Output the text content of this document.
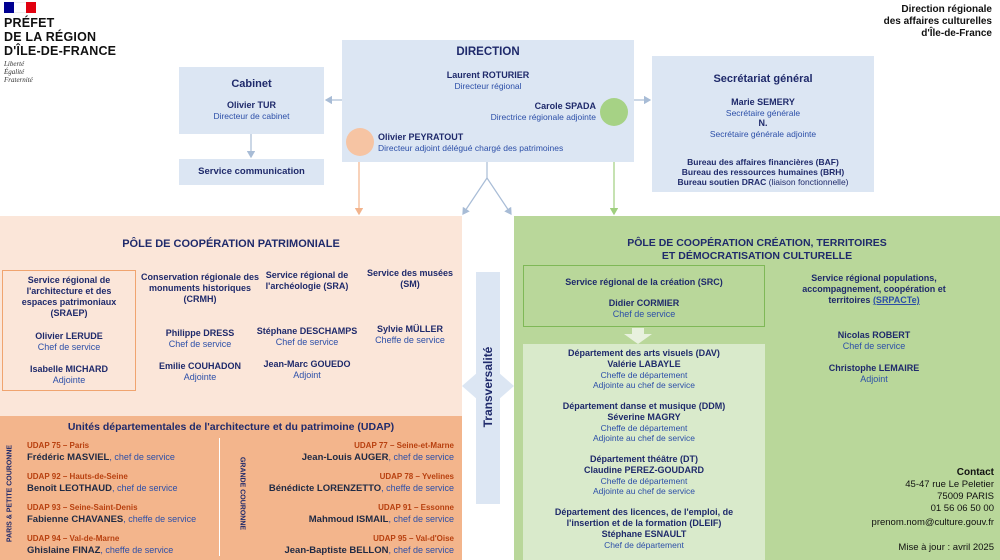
PRÉFET
DE LA RÉGION
D'ÎLE-DE-FRANCE
Liberté
Égalité
Fraternité
Direction régionale
des affaires culturelles
d'Île-de-France
DIRECTION
Laurent ROTURIER
Directeur régional
Carole SPADA
Directrice régionale adjointe
Olivier PEYRATOUT
Directeur adjoint délégué chargé des patrimoines
Cabinet
Olivier TUR
Directeur de cabinet
Service communication
Secrétariat général
Marie SEMERY
Secrétaire générale
N.
Secrétaire générale adjointe
Bureau des affaires financières (BAF)
Bureau des ressources humaines (BRH)
Bureau soutien DRAC (liaison fonctionnelle)
PÔLE DE COOPÉRATION PATRIMONIALE
Service régional de l'architecture et des espaces patrimoniaux (SRAEP)
Olivier LERUDE
Chef de service
Isabelle MICHARD
Adjointe
Conservation régionale des monuments historiques (CRMH)
Philippe DRESS
Chef de service
Emilie COUHADON
Adjointe
Service régional de l'archéologie (SRA)
Stéphane DESCHAMPS
Chef de service
Jean-Marc GOUEDO
Adjoint
Service des musées (SM)
Sylvie MÜLLER
Cheffe de service
Unités départementales de l'architecture et du patrimoine (UDAP)
PARIS & PETITE COURONNE	GRANDE COURONNE
UDAP 75 – Paris
Frédéric MASVIEL, chef de service
UDAP 92 – Hauts-de-Seine
Benoît LEOTHAUD, chef de service
UDAP 93 – Seine-Saint-Denis
Fabienne CHAVANES, cheffe de service
UDAP 94 – Val-de-Marne
Ghislaine FINAZ, cheffe de service
UDAP 77 – Seine-et-Marne
Jean-Louis AUGER, chef de service
UDAP 78 – Yvelines
Bénédicte LORENZETTO, cheffe de service
UDAP 91 – Essonne
Mahmoud ISMAIL, chef de service
UDAP 95 – Val-d'Oise
Jean-Baptiste BELLON, chef de service
Transversalité
PÔLE DE COOPÉRATION CRÉATION, TERRITOIRES
ET DÉMOCRATISATION CULTURELLE
Service régional de la création (SRC)
Didier CORMIER
Chef de service
Département des arts visuels (DAV)
Valérie LABAYLE
Cheffe de département
Adjointe au chef de service
Département danse et musique (DDM)
Séverine MAGRY
Cheffe de département
Adjointe au chef de service
Département théâtre (DT)
Claudine PEREZ-GOUDARD
Cheffe de département
Adjointe au chef de service
Département des licences, de l'emploi, de
l'insertion et de la formation (DLEIF)
Stéphane ESNAULT
Chef de département
Service régional populations,
accompagnement, coopération et
territoires (SRPACTe)
Nicolas ROBERT
Chef de service
Christophe LEMAIRE
Adjoint
Contact
45-47 rue Le Peletier
75009 PARIS
01 56 06 50 00
prenom.nom@culture.gouv.fr
Mise à jour : avril 2025
